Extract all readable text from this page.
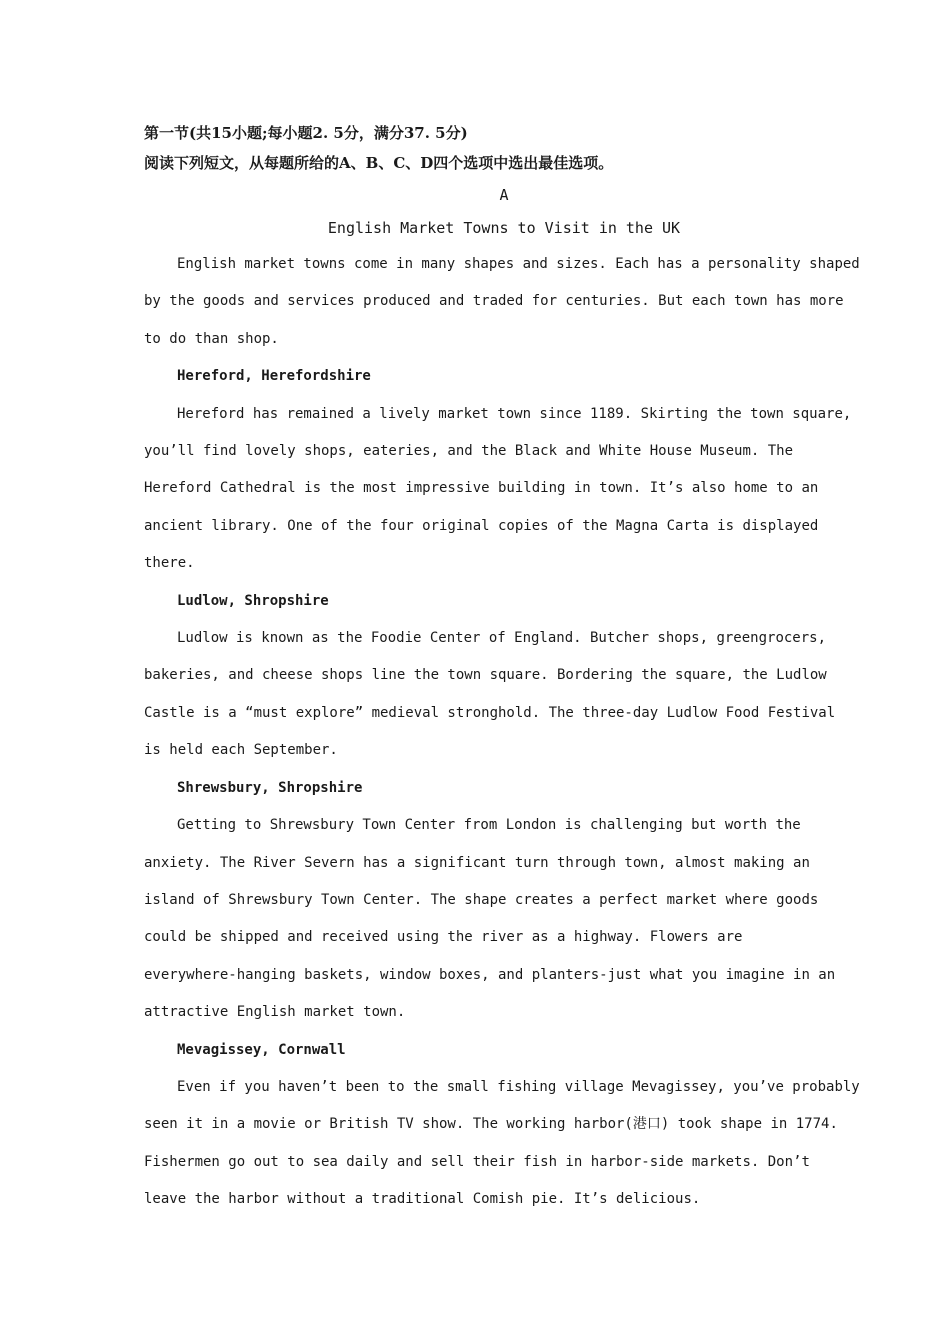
第一节(共15小题;每小题2. 5分，满分37. 5分)
阅读下列短文，从每题所给的A、B、C、D四个选项中选出最佳选项。
A
English Market Towns to Visit in the UK
English market towns come in many shapes and sizes. Each has a personality shaped
by the goods and services produced and traded for centuries. But each town has more
to do than shop.
Hereford, Herefordshire
Hereford has remained a lively market town since 1189. Skirting the town square,
you’ll find lovely shops, eateries, and the Black and White House Museum. The
Hereford Cathedral is the most impressive building in town. It’s also home to an
ancient library. One of the four original copies of the Magna Carta is displayed
there.
Ludlow, Shropshire
Ludlow is known as the Foodie Center of England. Butcher shops, greengrocers,
bakeries, and cheese shops line the town square. Bordering the square, the Ludlow
Castle is a “must explore” medieval stronghold. The three-day Ludlow Food Festival
is held each September.
Shrewsbury, Shropshire
Getting to Shrewsbury Town Center from London is challenging but worth the
anxiety. The River Severn has a significant turn through town, almost making an
island of Shrewsbury Town Center. The shape creates a perfect market where goods
could be shipped and received using the river as a highway. Flowers are
everywhere-hanging baskets, window boxes, and planters-just what you imagine in an
attractive English market town.
Mevagissey, Cornwall
Even if you haven’t been to the small fishing village Mevagissey, you’ve probably
seen it in a movie or British TV show. The working harbor(港口) took shape in 1774.
Fishermen go out to sea daily and sell their fish in harbor-side markets. Don’t
leave the harbor without a traditional Comish pie. It’s delicious.
